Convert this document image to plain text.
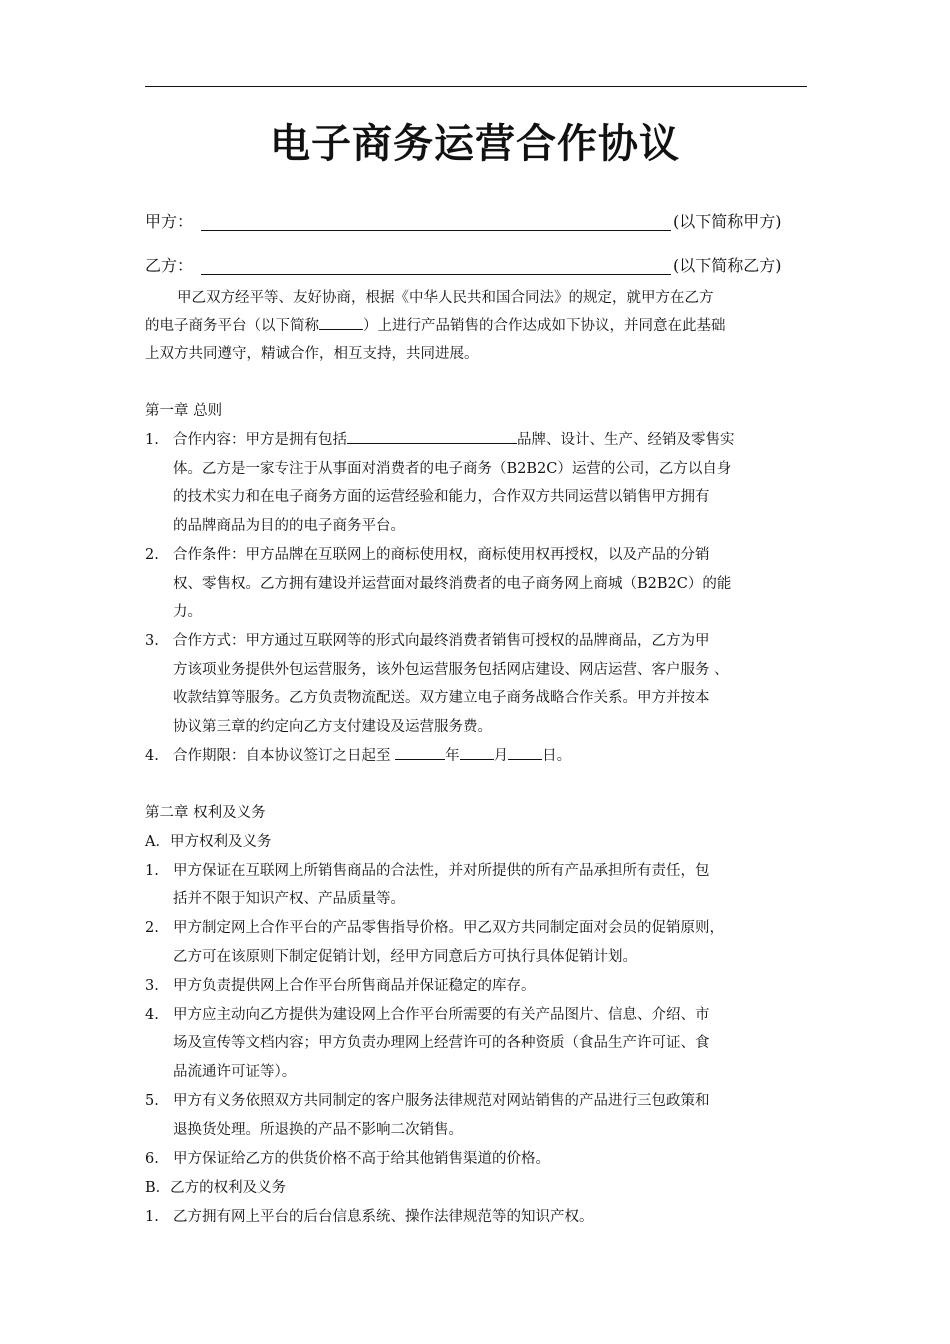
电子商务运营合作协议
甲方：	(以下简称甲方)
乙方：	(以下简称乙方)
甲乙双方经平等、友好协商，根据《中华人民共和国合同法》的规定，就甲方在乙方
的电子商务平台（以下简称	）上进行产品销售的合作达成如下协议，并同意在此基础
上双方共同遵守，精诚合作，相互支持，共同进展。
第一章 总则
1. 合作内容：甲方是拥有包括	品牌、设计、生产、经销及零售实
体。乙方是一家专注于从事面对消费者的电子商务（B2B2C）运营的公司，乙方以自身
的技术实力和在电子商务方面的运营经验和能力，合作双方共同运营以销售甲方拥有
的品牌商品为目的的电子商务平台。
2. 合作条件：甲方品牌在互联网上的商标使用权，商标使用权再授权，以及产品的分销
权、零售权。乙方拥有建设并运营面对最终消费者的电子商务网上商城（B2B2C）的能
力。
3. 合作方式：甲方通过互联网等的形式向最终消费者销售可授权的品牌商品，乙方为甲
方该项业务提供外包运营服务，该外包运营服务包括网店建设、网店运营、客户服务 、
收款结算等服务。乙方负责物流配送。双方建立电子商务战略合作关系。甲方并按本
协议第三章的约定向乙方支付建设及运营服务费。
4. 合作期限：自本协议签订之日起至	年 月 日。
第二章 权利及义务
A．甲方权利及义务
1. 甲方保证在互联网上所销售商品的合法性，并对所提供的所有产品承担所有责任，包
括并不限于知识产权、产品质量等。
2. 甲方制定网上合作平台的产品零售指导价格。甲乙双方共同制定面对会员的促销原则，
乙方可在该原则下制定促销计划，经甲方同意后方可执行具体促销计划。
3. 甲方负责提供网上合作平台所售商品并保证稳定的库存。
4. 甲方应主动向乙方提供为建设网上合作平台所需要的有关产品图片、信息、介绍、市
场及宣传等文档内容；甲方负责办理网上经营许可的各种资质（食品生产许可证、食
品流通许可证等）。
5. 甲方有义务依照双方共同制定的客户服务法律规范对网站销售的产品进行三包政策和
退换货处理。所退换的产品不影响二次销售。
6. 甲方保证给乙方的供货价格不高于给其他销售渠道的价格。
B．乙方的权利及义务
1. 乙方拥有网上平台的后台信息系统、操作法律规范等的知识产权。
